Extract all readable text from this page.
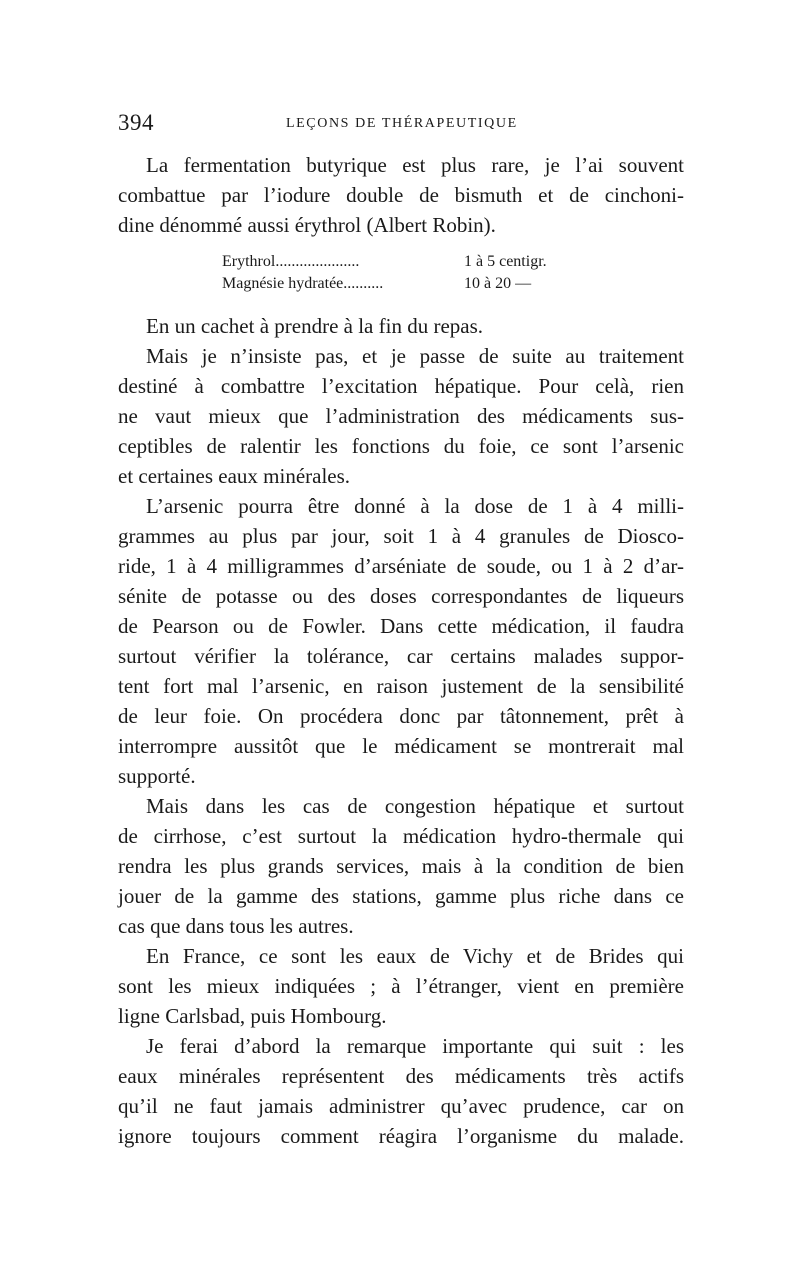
394	LEÇONS DE THÉRAPEUTIQUE
La fermentation butyrique est plus rare, je l’ai souvent
combattue par l’iodure double de bismuth et de cinchoni-
dine dénommé aussi érythrol (Albert Robin).
Erythrol.....................	1 à 5 centigr.
Magnésie hydratée..........	10 à 20 —
En un cachet à prendre à la fin du repas.
Mais je n’insiste pas, et je passe de suite au traitement
destiné à combattre l’excitation hépatique. Pour celà, rien
ne vaut mieux que l’administration des médicaments sus-
ceptibles de ralentir les fonctions du foie, ce sont l’arsenic
et certaines eaux minérales.
L’arsenic pourra être donné à la dose de 1 à 4 milli-
grammes au plus par jour, soit 1 à 4 granules de Diosco-
ride, 1 à 4 milligrammes d’arséniate de soude, ou 1 à 2 d’ar-
sénite de potasse ou des doses correspondantes de liqueurs
de Pearson ou de Fowler. Dans cette médication, il faudra
surtout vérifier la tolérance, car certains malades suppor-
tent fort mal l’arsenic, en raison justement de la sensibilité
de leur foie. On procédera donc par tâtonnement, prêt à
interrompre aussitôt que le médicament se montrerait mal
supporté.
Mais dans les cas de congestion hépatique et surtout
de cirrhose, c’est surtout la médication hydro-thermale qui
rendra les plus grands services, mais à la condition de bien
jouer de la gamme des stations, gamme plus riche dans ce
cas que dans tous les autres.
En France, ce sont les eaux de Vichy et de Brides qui
sont les mieux indiquées ; à l’étranger, vient en première
ligne Carlsbad, puis Hombourg.
Je ferai d’abord la remarque importante qui suit : les
eaux minérales représentent des médicaments très actifs
qu’il ne faut jamais administrer qu’avec prudence, car on
ignore toujours comment réagira l’organisme du malade.
